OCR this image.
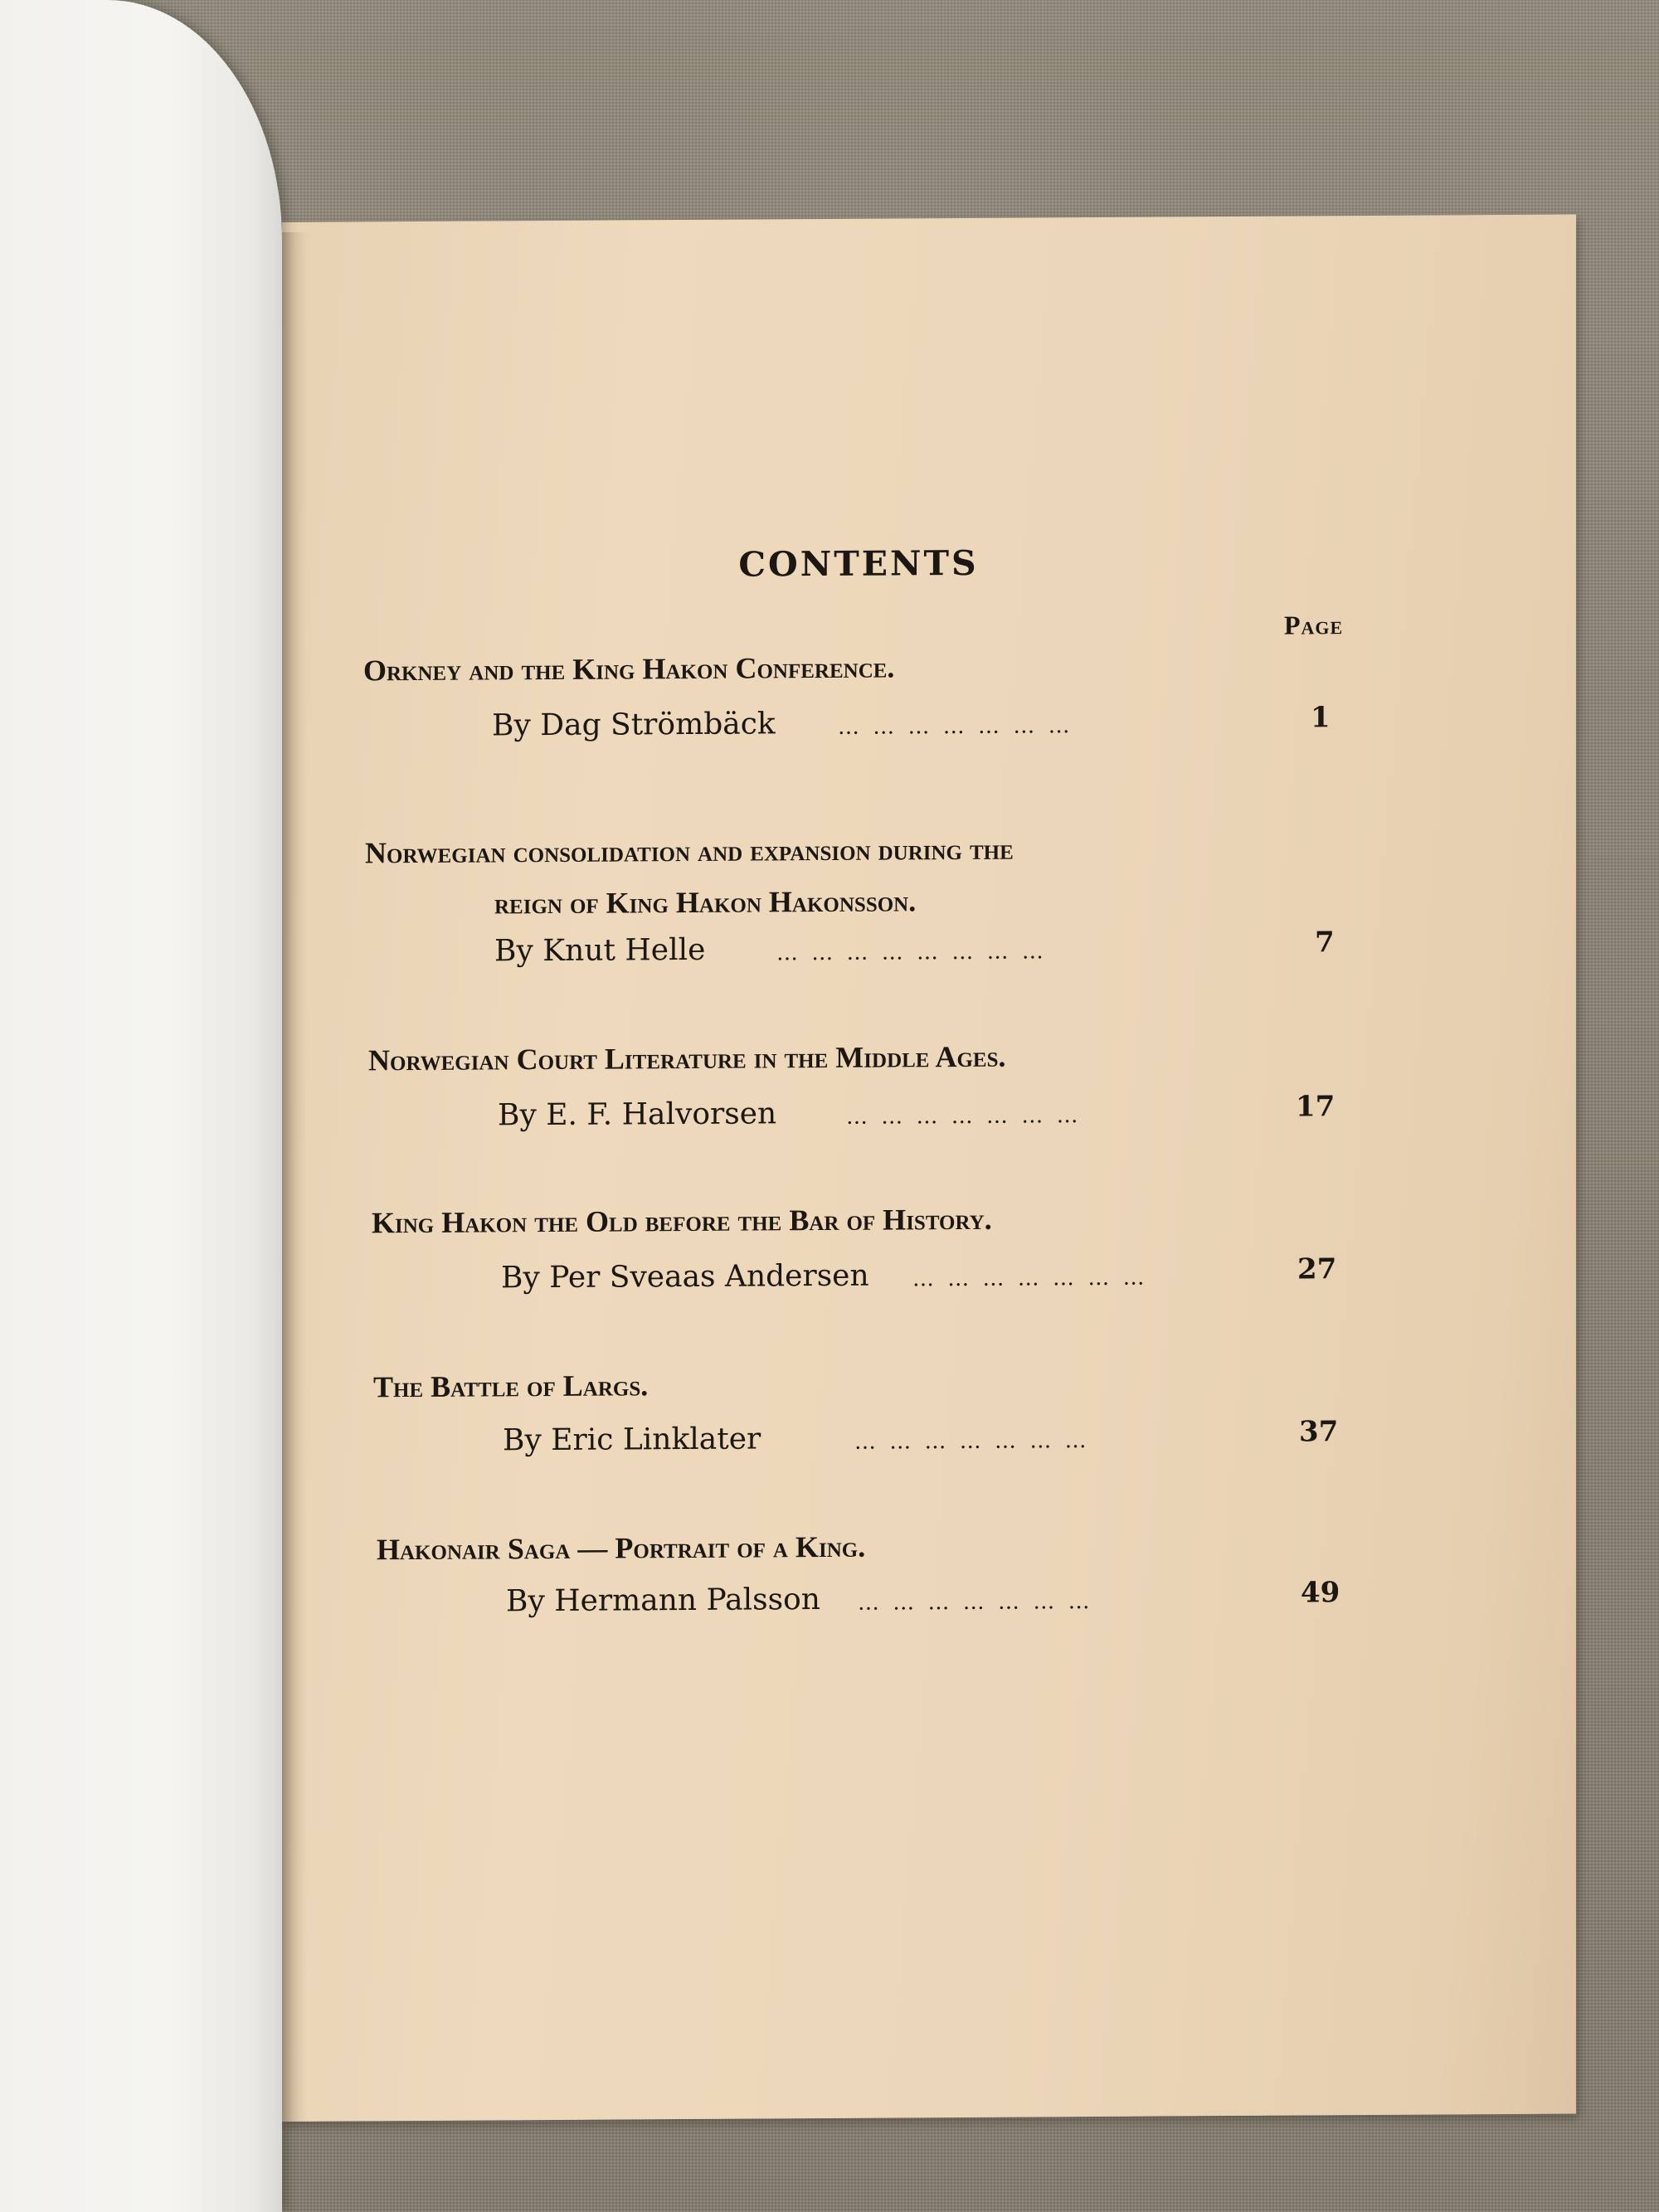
CONTENTS
Page
Orkney and the King Hakon Conference.
By Dag Strömbäck	… … … … … … …	1
Norwegian consolidation and expansion during the
reign of King Hakon Hakonsson.
By Knut Helle	… … … … … … … …	7
Norwegian Court Literature in the Middle Ages.
By E. F. Halvorsen	… … … … … … …	17
King Hakon the Old before the Bar of History.
By Per Sveaas Andersen … … … … … … …	27
The Battle of Largs.
By Eric Linklater	… … … … … … …	37
Hakonair Saga — Portrait of a King.
By Hermann Palsson … … … … … … …	49
